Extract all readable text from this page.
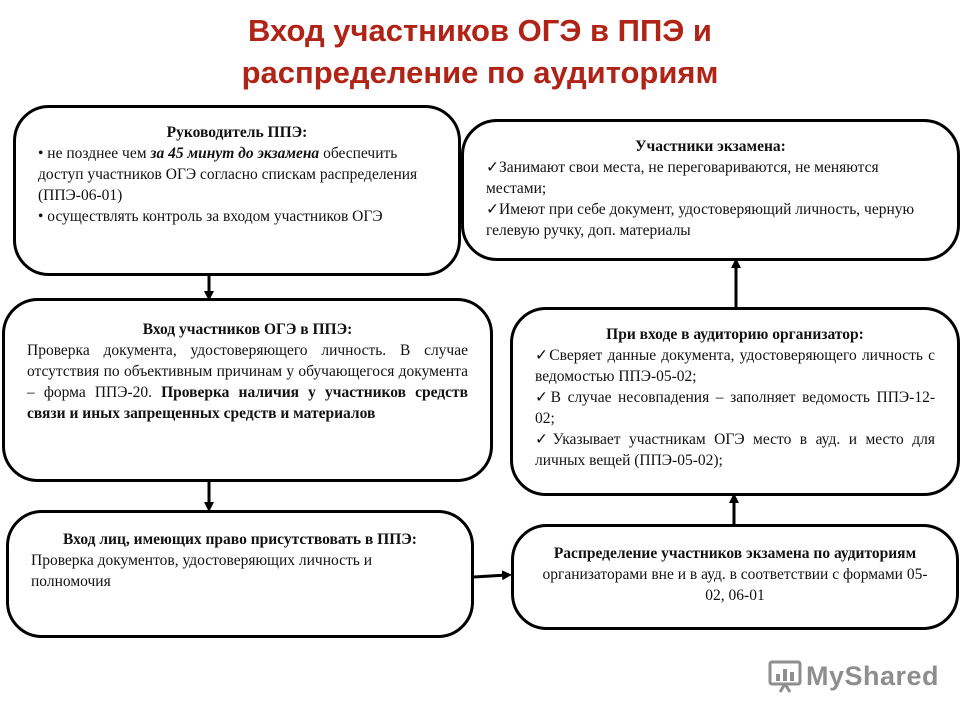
Вход участников ОГЭ в ППЭ и
распределение по аудиториям

Руководитель ППЭ:

• не позднее чем за 45 минут до экзамена обеспечить доступ участников ОГЭ согласно спискам распределения (ППЭ-06-01)

• осуществлять контроль за входом участников ОГЭ

Вход участников ОГЭ в ППЭ:

Проверка документа, удостоверяющего личность. В случае отсутствия по объективным причинам у обучающегося документа – форма ППЭ-20. Проверка наличия у участников средств связи и иных запрещенных средств и материалов

Вход лиц, имеющих право присутствовать в ППЭ:

Проверка документов, удостоверяющих личность и полномочия

Распределение участников экзамена по аудиториям организаторами вне и в ауд. в соответствии с формами 05-02, 06-01

При входе в аудиторию организатор:

✓Сверяет данные документа, удостоверяющего личность с ведомостью ППЭ-05-02;

✓В случае несовпадения – заполняет ведомость ППЭ-12-02;

✓Указывает участникам ОГЭ место в ауд. и место для личных вещей (ППЭ-05-02);

Участники экзамена:

✓Занимают свои места, не переговариваются, не меняются местами;

✓Имеют при себе документ, удостоверяющий личность, черную гелевую ручку, доп. материалы

MyShared
